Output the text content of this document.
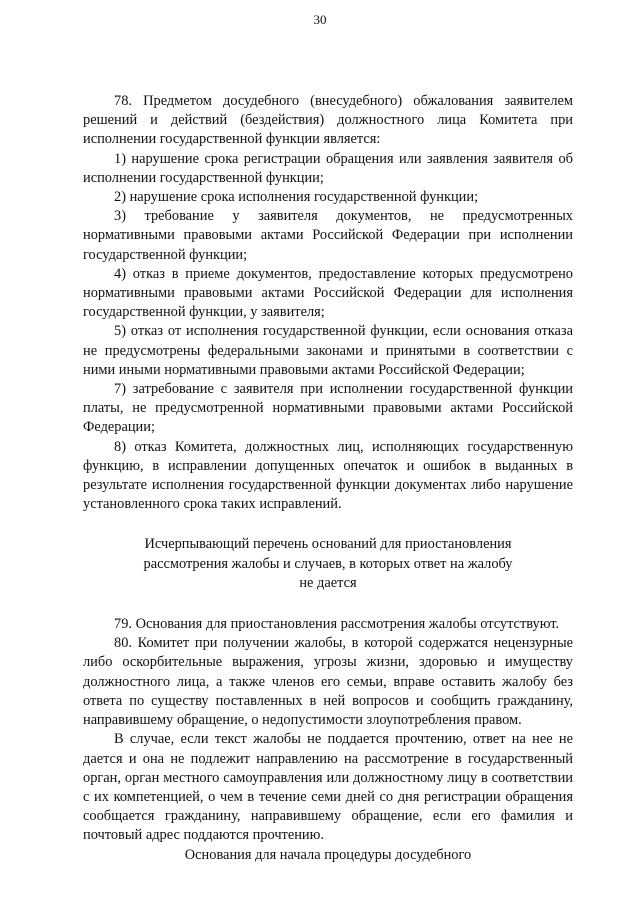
30

78. Предметом досудебного (внесудебного) обжалования заявителем решений и действий (бездействия) должностного лица Комитета при исполнении государственной функции является:

1) нарушение срока регистрации обращения или заявления заявителя об исполнении государственной функции;

2) нарушение срока исполнения государственной функции;

3) требование у заявителя документов, не предусмотренных нормативными правовыми актами Российской Федерации при исполнении государственной функции;

4) отказ в приеме документов, предоставление которых предусмотрено нормативными правовыми актами Российской Федерации для исполнения государственной функции, у заявителя;

5) отказ от исполнения государственной функции, если основания отказа не предусмотрены федеральными законами и принятыми в соответствии с ними иными нормативными правовыми актами Российской Федерации;

7) затребование с заявителя при исполнении государственной функции платы, не предусмотренной нормативными правовыми актами Российской Федерации;

8) отказ Комитета, должностных лиц, исполняющих государственную функцию, в исправлении допущенных опечаток и ошибок в выданных в результате исполнения государственной функции документах либо нарушение установленного срока таких исправлений.

Исчерпывающий перечень оснований для приостановления
рассмотрения жалобы и случаев, в которых ответ на жалобу
не дается

79. Основания для приостановления рассмотрения жалобы отсутствуют.

80. Комитет при получении жалобы, в которой содержатся нецензурные либо оскорбительные выражения, угрозы жизни, здоровью и имуществу должностного лица, а также членов его семьи, вправе оставить жалобу без ответа по существу поставленных в ней вопросов и сообщить гражданину, направившему обращение, о недопустимости злоупотребления правом.

В случае, если текст жалобы не поддается прочтению, ответ на нее не дается и она не подлежит направлению на рассмотрение в государственный орган, орган местного самоуправления или должностному лицу в соответствии с их компетенцией, о чем в течение семи дней со дня регистрации обращения сообщается гражданину, направившему обращение, если его фамилия и почтовый адрес поддаются прочтению.

Основания для начала процедуры досудебного
